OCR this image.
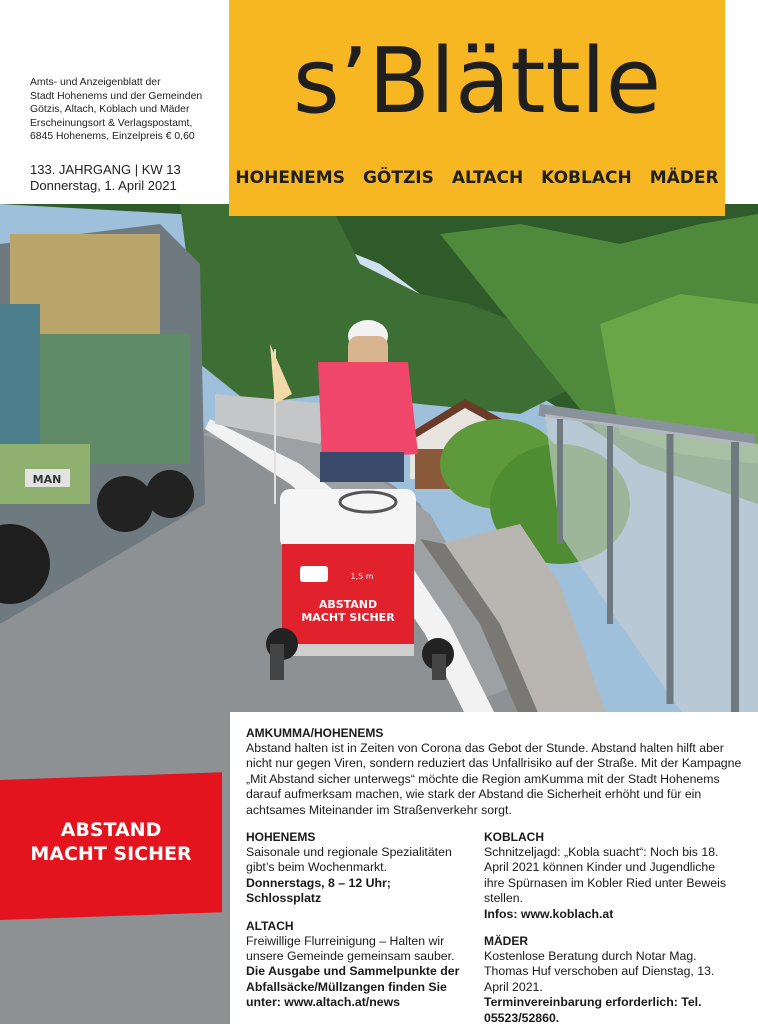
Amts- und Anzeigenblatt der
Stadt Hohenems und der Gemeinden
Götzis, Altach, Koblach und Mäder
Erscheinungsort & Verlagspostamt,
6845 Hohenems, Einzelpreis € 0,60
133. JAHRGANG | KW 13
Donnerstag, 1. April 2021
MAN
ABSTAND
MACHT SICHER
1,5 m
s’Blättle
HOHENEMS GÖTZIS ALTACH KOBLACH MÄDER
ABSTAND
MACHT SICHER

AMKUMMA/HOHENEMS

Abstand halten ist in Zeiten von Corona das Gebot der Stunde. Abstand halten hilft aber nicht nur gegen Viren, sondern reduziert das Unfallrisiko auf der Straße. Mit der Kampagne „Mit Abstand sicher unterwegs“ möchte die Region amKumma mit der Stadt Hohenems darauf aufmerksam machen, wie stark der Abstand die Sicherheit erhöht und für ein achtsames Miteinander im Straßenverkehr sorgt.

HOHENEMS

Saisonale und regionale Spezialitäten gibt’s beim Wochenmarkt.

Donnerstags, 8 – 12 Uhr; Schlossplatz

ALTACH

Freiwillige Flurreinigung – Halten wir unsere Gemeinde gemeinsam sauber.

Die Ausgabe und Sammelpunkte der Abfallsäcke/Müllzangen finden Sie unter: www.altach.at/news

KOBLACH

Schnitzeljagd: „Kobla suacht“: Noch bis 18. April 2021 können Kinder und Jugendliche ihre Spürnasen im Kobler Ried unter Beweis stellen.

Infos: www.koblach.at

MÄDER

Kostenlose Beratung durch Notar Mag. Thomas Huf verschoben auf Dienstag, 13. April 2021.

Terminvereinbarung erforderlich: Tel. 05523/52860.
